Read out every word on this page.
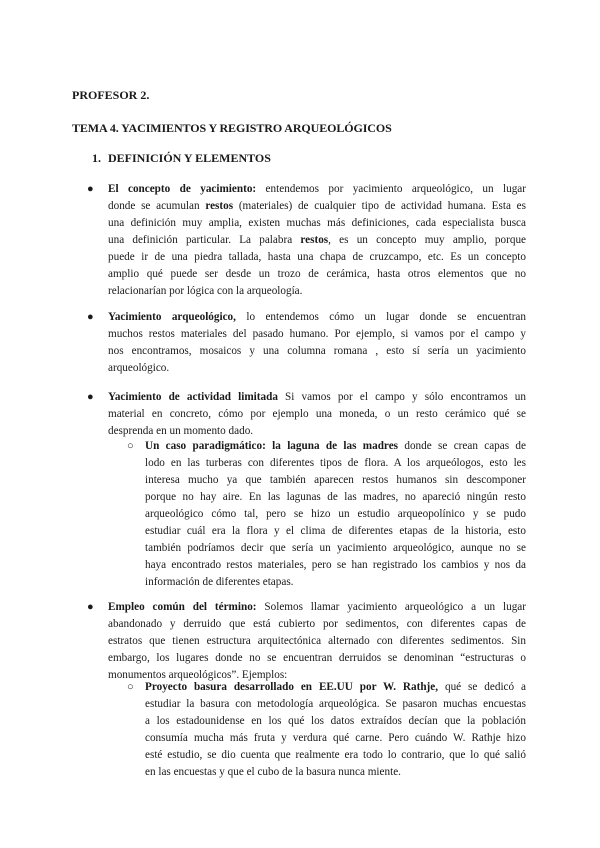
PROFESOR 2.
TEMA 4. YACIMIENTOS Y REGISTRO ARQUEOLÓGICOS
1. DEFINICIÓN Y ELEMENTOS
● El concepto de yacimiento: entendemos por yacimiento arqueológico, un lugar
donde se acumulan restos (materiales) de cualquier tipo de actividad humana. Esta es
una definición muy amplia, existen muchas más definiciones, cada especialista busca
una definición particular. La palabra restos, es un concepto muy amplio, porque
puede ir de una piedra tallada, hasta una chapa de cruzcampo, etc. Es un concepto
amplio qué puede ser desde un trozo de cerámica, hasta otros elementos que no
relacionarían por lógica con la arqueología.
● Yacimiento arqueológico, lo entendemos cómo un lugar donde se encuentran
muchos restos materiales del pasado humano. Por ejemplo, si vamos por el campo y
nos encontramos, mosaicos y una columna romana , esto sí sería un yacimiento
arqueológico.
● Yacimiento de actividad limitada Si vamos por el campo y sólo encontramos un
material en concreto, cómo por ejemplo una moneda, o un resto cerámico qué se
desprenda en un momento dado.
○ Un caso paradigmático: la laguna de las madres donde se crean capas de
lodo en las turberas con diferentes tipos de flora. A los arqueólogos, esto les
interesa mucho ya que también aparecen restos humanos sin descomponer
porque no hay aire. En las lagunas de las madres, no apareció ningún resto
arqueológico cómo tal, pero se hizo un estudio arqueopolínico y se pudo
estudiar cuál era la flora y el clima de diferentes etapas de la historia, esto
también podríamos decir que sería un yacimiento arqueológico, aunque no se
haya encontrado restos materiales, pero se han registrado los cambios y nos da
información de diferentes etapas.
● Empleo común del término: Solemos llamar yacimiento arqueológico a un lugar
abandonado y derruido que está cubierto por sedimentos, con diferentes capas de
estratos que tienen estructura arquitectónica alternado con diferentes sedimentos. Sin
embargo, los lugares donde no se encuentran derruidos se denominan “estructuras o
monumentos arqueológicos”. Ejemplos:
○ Proyecto basura desarrollado en EE.UU por W. Rathje, qué se dedicó a
estudiar la basura con metodología arqueológica. Se pasaron muchas encuestas
a los estadounidense en los qué los datos extraídos decían que la población
consumía mucha más fruta y verdura qué carne. Pero cuándo W. Rathje hizo
esté estudio, se dio cuenta que realmente era todo lo contrario, que lo qué salió
en las encuestas y que el cubo de la basura nunca miente.
